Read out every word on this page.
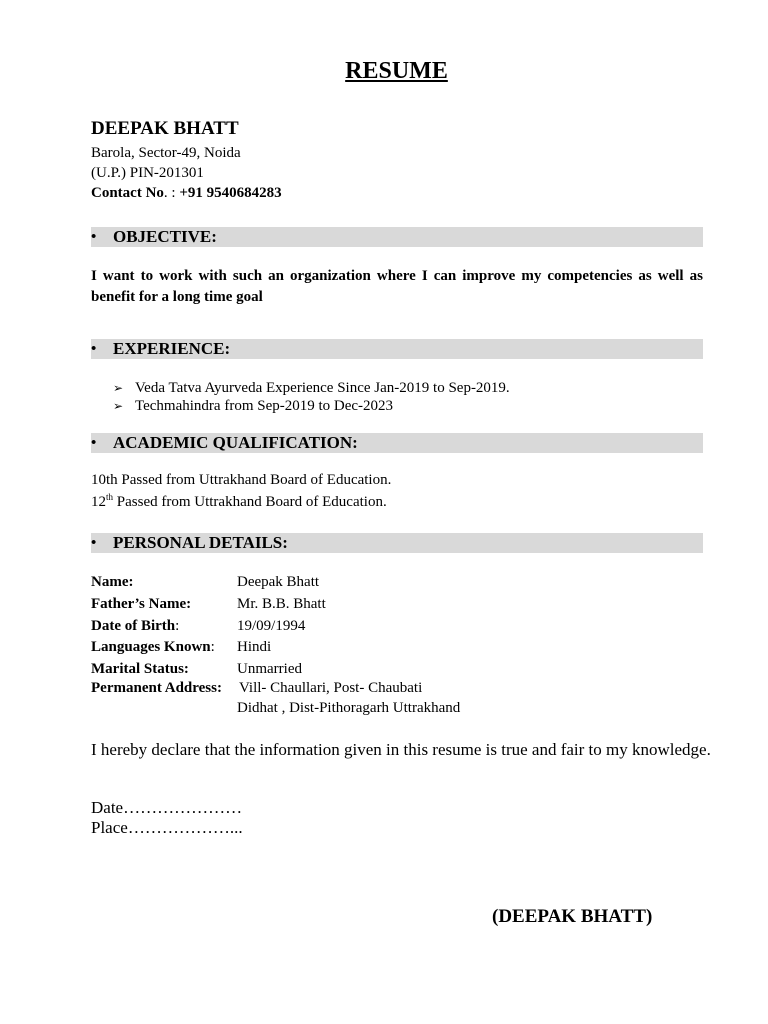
RESUME
DEEPAK BHATT
Barola, Sector-49, Noida
(U.P.) PIN-201301
Contact No. : +91 9540684283
• OBJECTIVE:
I want to work with such an organization where I can improve my competencies as well as benefit for a long time goal
• EXPERIENCE:
➢ Veda Tatva Ayurveda Experience Since Jan-2019 to Sep-2019.
➢ Techmahindra from Sep-2019 to Dec-2023
• ACADEMIC QUALIFICATION:
10th Passed from Uttrakhand Board of Education.
12th Passed from Uttrakhand Board of Education.
• PERSONAL DETAILS:
Name:	Deepak Bhatt
Father’s Name:	Mr. B.B. Bhatt
Date of Birth:	19/09/1994
Languages Known: Hindi
Marital Status:	Unmarried
Permanent Address: Vill- Chaullari, Post- Chaubati
Didhat , Dist-Pithoragarh Uttrakhand
I hereby declare that the information given in this resume is true and fair to my knowledge.
Date…………………
Place………………...
(DEEPAK BHATT)
